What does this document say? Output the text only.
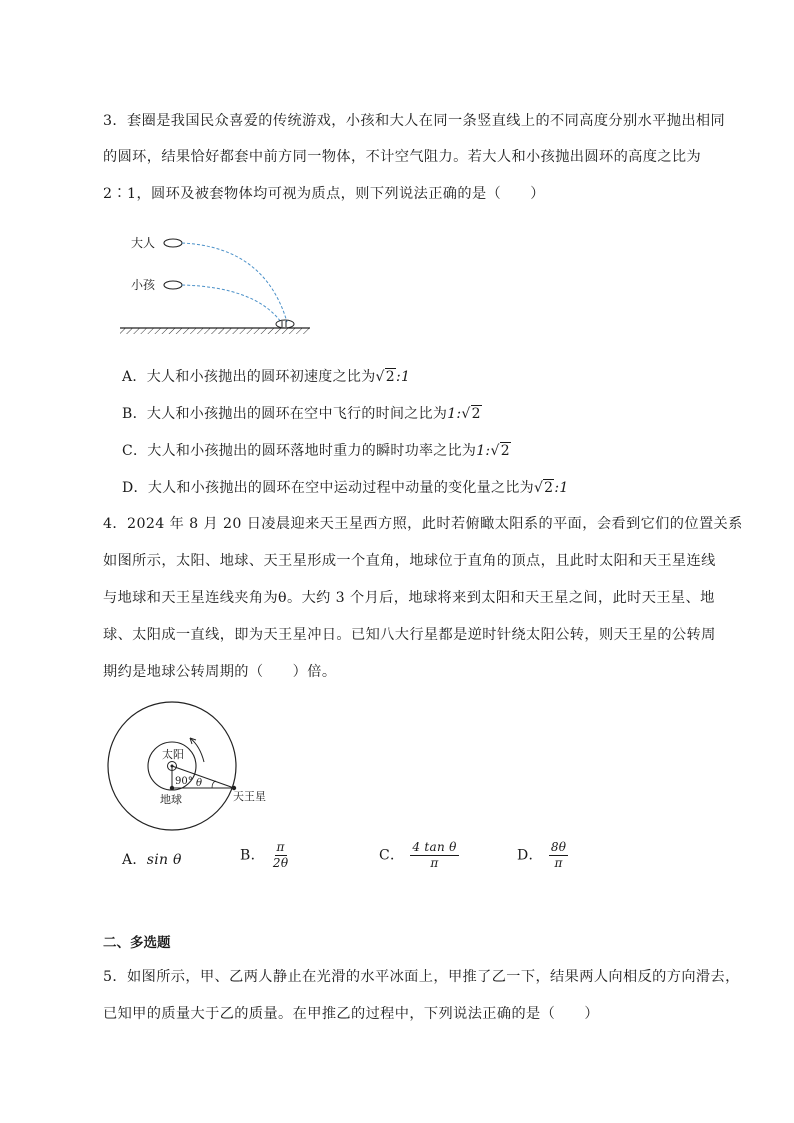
3．套圈是我国民众喜爱的传统游戏，小孩和大人在同一条竖直线上的不同高度分别水平抛出相同
的圆环，结果恰好都套中前方同一物体，不计空气阻力。若大人和小孩抛出圆环的高度之比为
2∶1，圆环及被套物体均可视为质点，则下列说法正确的是（　　）
大人
小孩
A．大人和小孩抛出的圆环初速度之比为√2:1
B．大人和小孩抛出的圆环在空中飞行的时间之比为1:√2
C．大人和小孩抛出的圆环落地时重力的瞬时功率之比为1:√2
D．大人和小孩抛出的圆环在空中运动过程中动量的变化量之比为√2:1
4．2024 年 8 月 20 日凌晨迎来天王星西方照，此时若俯瞰太阳系的平面，会看到它们的位置关系
如图所示，太阳、地球、天王星形成一个直角，地球位于直角的顶点，且此时太阳和天王星连线
与地球和天王星连线夹角为θ。大约 3 个月后，地球将来到太阳和天王星之间，此时天王星、地
球、太阳成一直线，即为天王星冲日。已知八大行星都是逆时针绕太阳公转，则天王星的公转周
期约是地球公转周期的（　　）倍。
太阳
90° θ
地球	天王星
A．sin θ	B． $\frac{\pi}{2\theta}$	C． $\frac{\text{4 tan θ}}{\pi}$	D． $\frac{8\theta}{\pi}$
二、多选题
5．如图所示，甲、乙两人静止在光滑的水平冰面上，甲推了乙一下，结果两人向相反的方向滑去，
已知甲的质量大于乙的质量。在甲推乙的过程中，下列说法正确的是（　　）
